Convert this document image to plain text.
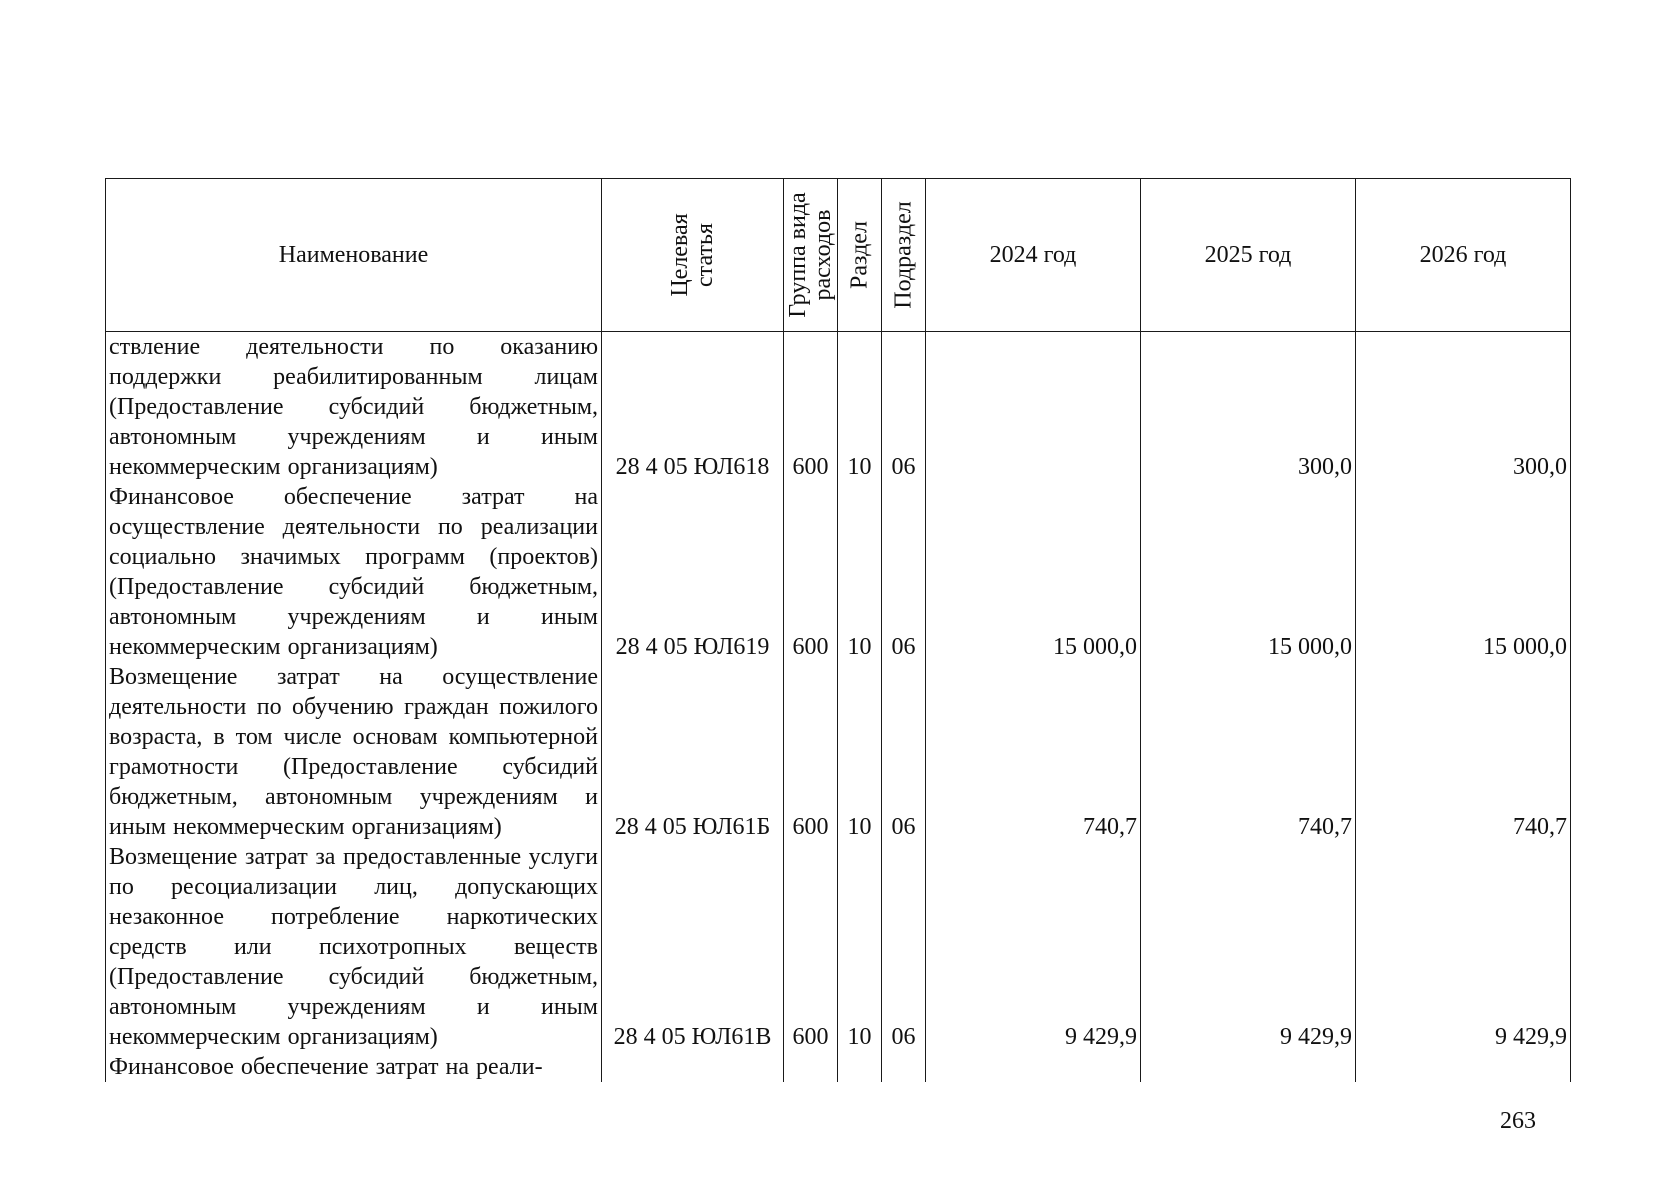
Наименование	Целевая статья	Группа вида расходов	Раздел	Подраздел	2024 год	2025 год	2026 год
ствление деятельности по оказанию поддержки реабилитированным лицам (Предоставление субсидий бюджетным, автономным учреждениям и иным некоммерческим организациям)	28 4 05 ЮЛ618	600	10	06		300,0	300,0
Финансовое обеспечение затрат на осуществление деятельности по реализации социально значимых программ (проектов) (Предоставление субсидий бюджетным, автономным учреждениям и иным некоммерческим организациям)	28 4 05 ЮЛ619	600	10	06	15 000,0	15 000,0	15 000,0
Возмещение затрат на осуществление деятельности по обучению граждан пожилого возраста, в том числе основам компьютерной грамотности (Предоставление субсидий бюджетным, автономным учреждениям и иным некоммерческим организациям)	28 4 05 ЮЛ61Б	600	10	06	740,7	740,7	740,7
Возмещение затрат за предоставленные услуги по ресоциализации лиц, допускающих незаконное потребление наркотических средств или психотропных веществ (Предоставление субсидий бюджетным, автономным учреждениям и иным некоммерческим организациям)	28 4 05 ЮЛ61В	600	10	06	9 429,9	9 429,9	9 429,9
Финансовое обеспечение затрат на реали-							
263
